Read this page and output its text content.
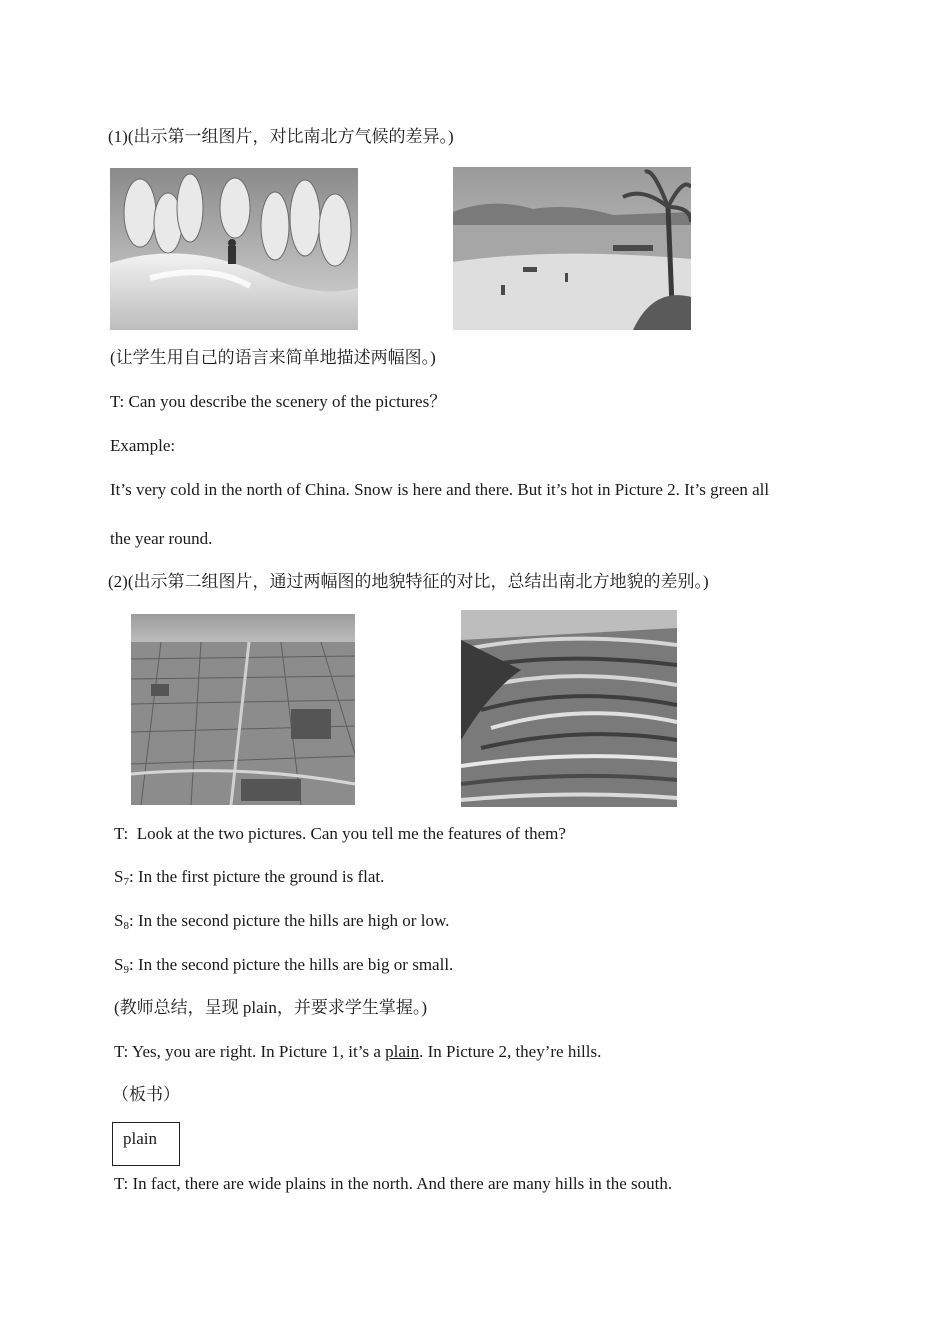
(1)(出示第一组图片，对比南北方气候的差异。)
(让学生用自己的语言来简单地描述两幅图。)
T: Can you describe the scenery of the pictures？
Example:
It’s very cold in the north of China. Snow is here and there. But it’s hot in Picture 2. It’s green all
the year round.
(2)(出示第二组图片，通过两幅图的地貌特征的对比，总结出南北方地貌的差别。)
T:  Look at the two pictures. Can you tell me the features of them?
$S_7$: In the first picture the ground is flat.
$S_8$: In the second picture the hills are high or low.
$S_9$: In the second picture the hills are big or small.
(教师总结，呈现 plain，并要求学生掌握。)
T: Yes, you are right. In Picture 1, it’s a plain. In Picture 2, they’re hills.
（板书）
plain
T: In fact, there are wide plains in the north. And there are many hills in the south.
